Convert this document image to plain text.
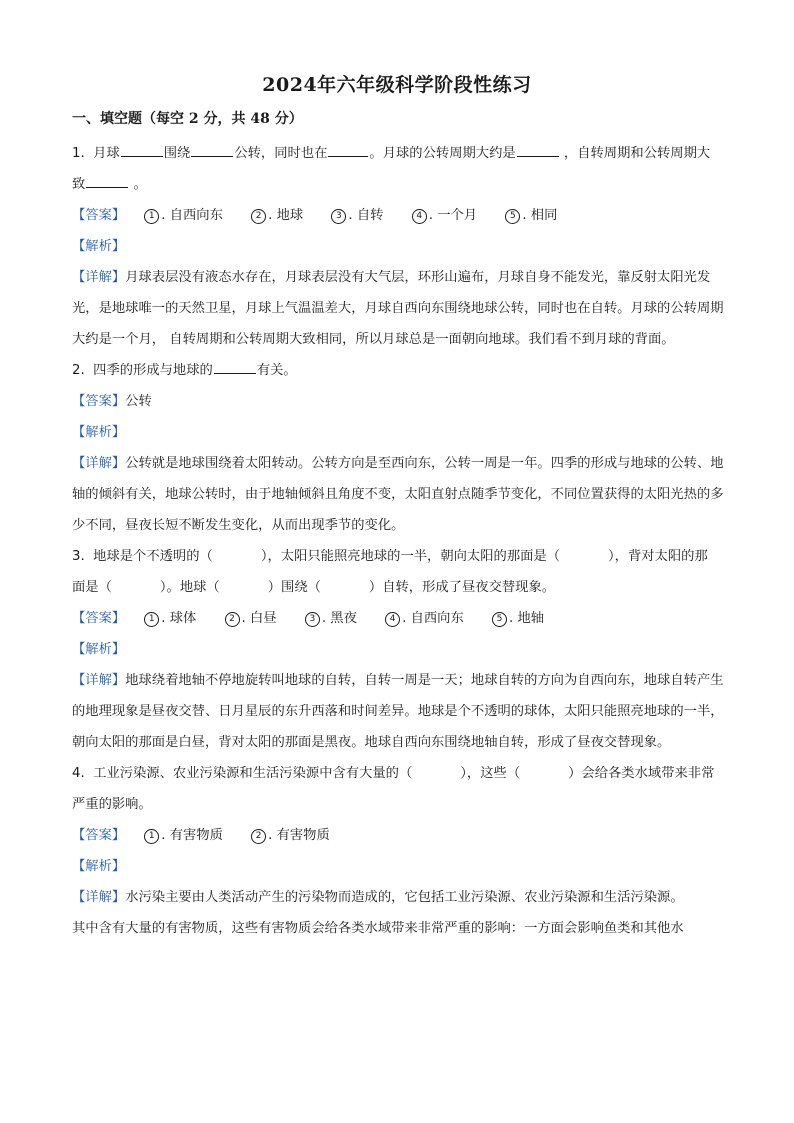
2024年六年级科学阶段性练习
一、填空题（每空 2 分，共 48 分）
1. 月球	围绕	公转，同时也在	。月球的公转周期大约是	，自转周期和公转周期大
致	。
【答案】	1 . 自西向东	2 . 地球	3 . 自转	4 . 一个月	5 . 相同
【解析】
【详解】月球表层没有液态水存在，月球表层没有大气层，环形山遍布，月球自身不能发光，靠反射太阳光发光，是地球唯一的天然卫星，月球上气温温差大，月球自西向东围绕地球公转，同时也在自转。月球的公转周期大约是一个月， 自转周期和公转周期大致相同，所以月球总是一面朝向地球。我们看不到月球的背面。
2. 四季的形成与地球的	有关。
【答案】公转
【解析】
【详解】公转就是地球围绕着太阳转动。公转方向是至西向东，公转一周是一年。四季的形成与地球的公转、地轴的倾斜有关，地球公转时，由于地轴倾斜且角度不变，太阳直射点随季节变化，不同位置获得的太阳光热的多少不同，昼夜长短不断发生变化，从而出现季节的变化。
3. 地球是个不透明的（	），太阳只能照亮地球的一半，朝向太阳的那面是（	），背对太阳的那
面是（	）。地球（	）围绕（	）自转，形成了昼夜交替现象。
【答案】	1 . 球体	2 . 白昼	3 . 黑夜	4 . 自西向东	5 . 地轴
【解析】
【详解】地球绕着地轴不停地旋转叫地球的自转，自转一周是一天；地球自转的方向为自西向东，地球自转产生的地理现象是昼夜交替、日月星辰的东升西落和时间差异。地球是个不透明的球体，太阳只能照亮地球的一半，朝向太阳的那面是白昼，背对太阳的那面是黑夜。地球自西向东围绕地轴自转，形成了昼夜交替现象。
4. 工业污染源、农业污染源和生活污染源中含有大量的（	），这些（	）会给各类水域带来非常
严重的影响。
【答案】	1 . 有害物质	2 . 有害物质
【解析】
【详解】水污染主要由人类活动产生的污染物而造成的，它包括工业污染源、农业污染源和生活污染源。
其中含有大量的有害物质，这些有害物质会给各类水域带来非常严重的影响：一方面会影响鱼类和其他水
